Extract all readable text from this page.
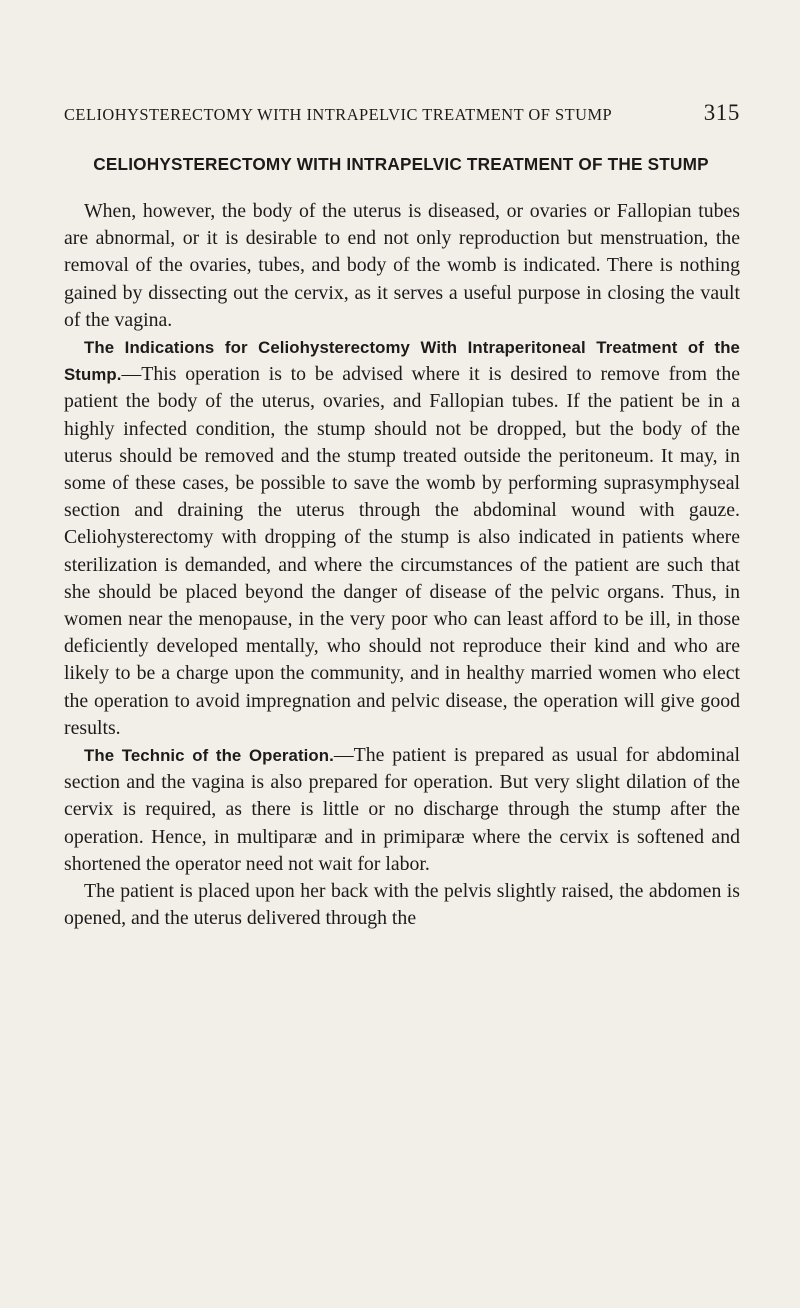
CELIOHYSTERECTOMY WITH INTRAPELVIC TREATMENT OF STUMP	315
CELIOHYSTERECTOMY WITH INTRAPELVIC TREATMENT OF THE STUMP

When, however, the body of the uterus is diseased, or ovaries or Fallopian tubes are abnormal, or it is desirable to end not only reproduction but menstruation, the removal of the ovaries, tubes, and body of the womb is indicated. There is nothing gained by dissecting out the cervix, as it serves a useful purpose in closing the vault of the vagina.

The Indications for Celiohysterectomy With Intraperitoneal Treatment of the Stump.—This operation is to be advised where it is desired to remove from the patient the body of the uterus, ovaries, and Fallopian tubes. If the patient be in a highly infected condition, the stump should not be dropped, but the body of the uterus should be removed and the stump treated outside the peritoneum. It may, in some of these cases, be possible to save the womb by performing suprasymphyseal section and draining the uterus through the abdominal wound with gauze. Celiohysterectomy with dropping of the stump is also indicated in patients where sterilization is demanded, and where the circumstances of the patient are such that she should be placed beyond the danger of disease of the pelvic organs. Thus, in women near the menopause, in the very poor who can least afford to be ill, in those deficiently developed mentally, who should not reproduce their kind and who are likely to be a charge upon the community, and in healthy married women who elect the operation to avoid impregnation and pelvic disease, the operation will give good results.

The Technic of the Operation.—The patient is prepared as usual for abdominal section and the vagina is also prepared for operation. But very slight dilation of the cervix is required, as there is little or no discharge through the stump after the operation. Hence, in multiparæ and in primiparæ where the cervix is softened and shortened the operator need not wait for labor.

The patient is placed upon her back with the pelvis slightly raised, the abdomen is opened, and the uterus delivered through the
